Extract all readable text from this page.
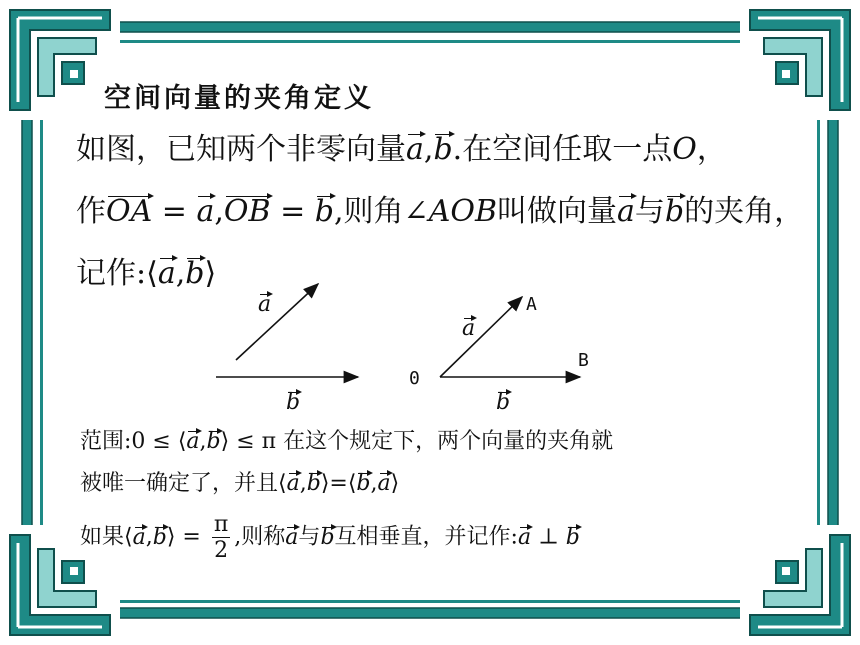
空间向量的夹角定义
如图，已知两个非零向量a,b.在空间任取一点O，
作OA = a,OB = b,则角∠AOB叫做向量a与b的夹角，
记作:⟨a,b⟩
a
b
a
b
0
A
B
范围:0 ≤ ⟨a,b⟩ ≤ π 在这个规定下，两个向量的夹角就
被唯一确定了，并且⟨a,b⟩=⟨b,a⟩
如果⟨a,b⟩ = $\frac{\pi}{2}$ ,则称a与b互相垂直，并记作:a ⊥ b
